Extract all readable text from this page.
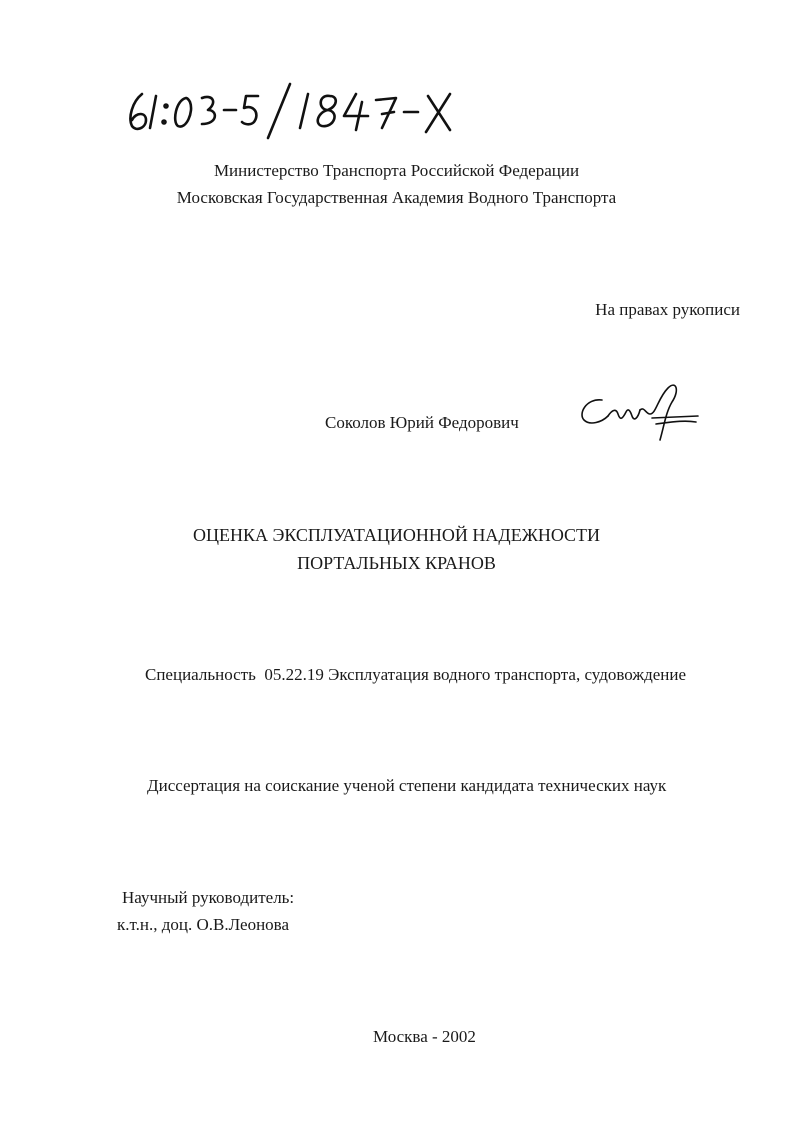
Министерство Транспорта Российской Федерации
Московская Государственная Академия Водного Транспорта
На правах рукописи
Соколов Юрий Федорович
ОЦЕНКА ЭКСПЛУАТАЦИОННОЙ НАДЕЖНОСТИ
ПОРТАЛЬНЫХ КРАНОВ
Специальность  05.22.19 Эксплуатация водного транспорта, судовождение
Диссертация на соискание ученой степени кандидата технических наук
Научный руководитель:
к.т.н., доц. О.В.Леонова
Москва - 2002
